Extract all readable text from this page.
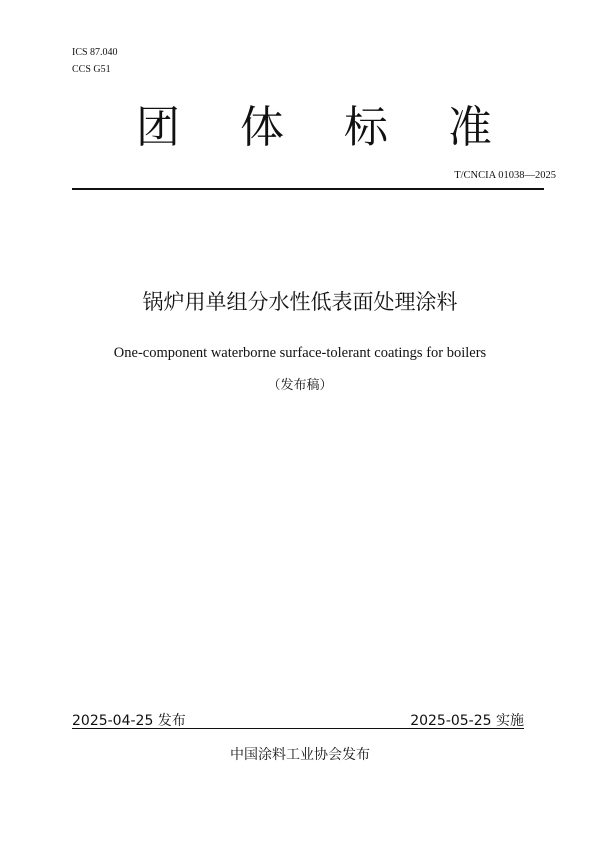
ICS 87.040
CCS G51
团 体 标 准
T/CNCIA 01038—2025
锅炉用单组分水性低表面处理涂料
One-component waterborne surface-tolerant coatings for boilers
（发布稿）
2025-04-25 发布	2025-05-25 实施
中国涂料工业协会发布
